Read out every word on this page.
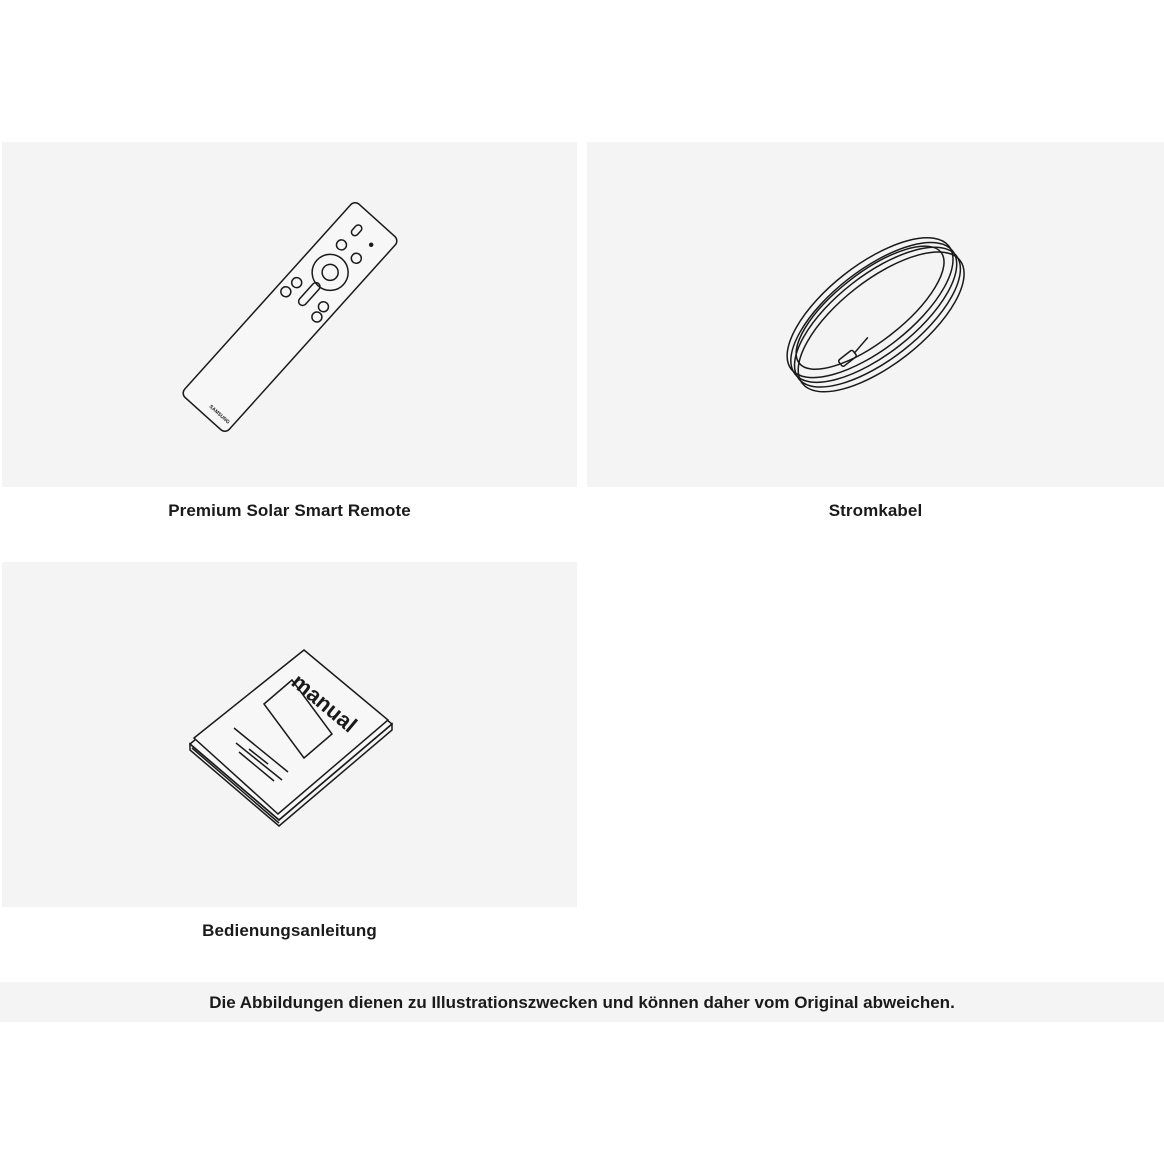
SAMSUNG
Premium Solar Smart Remote	Stromkabel
manual
Bedienungsanleitung
Die Abbildungen dienen zu Illustrationszwecken und können daher vom Original abweichen.
